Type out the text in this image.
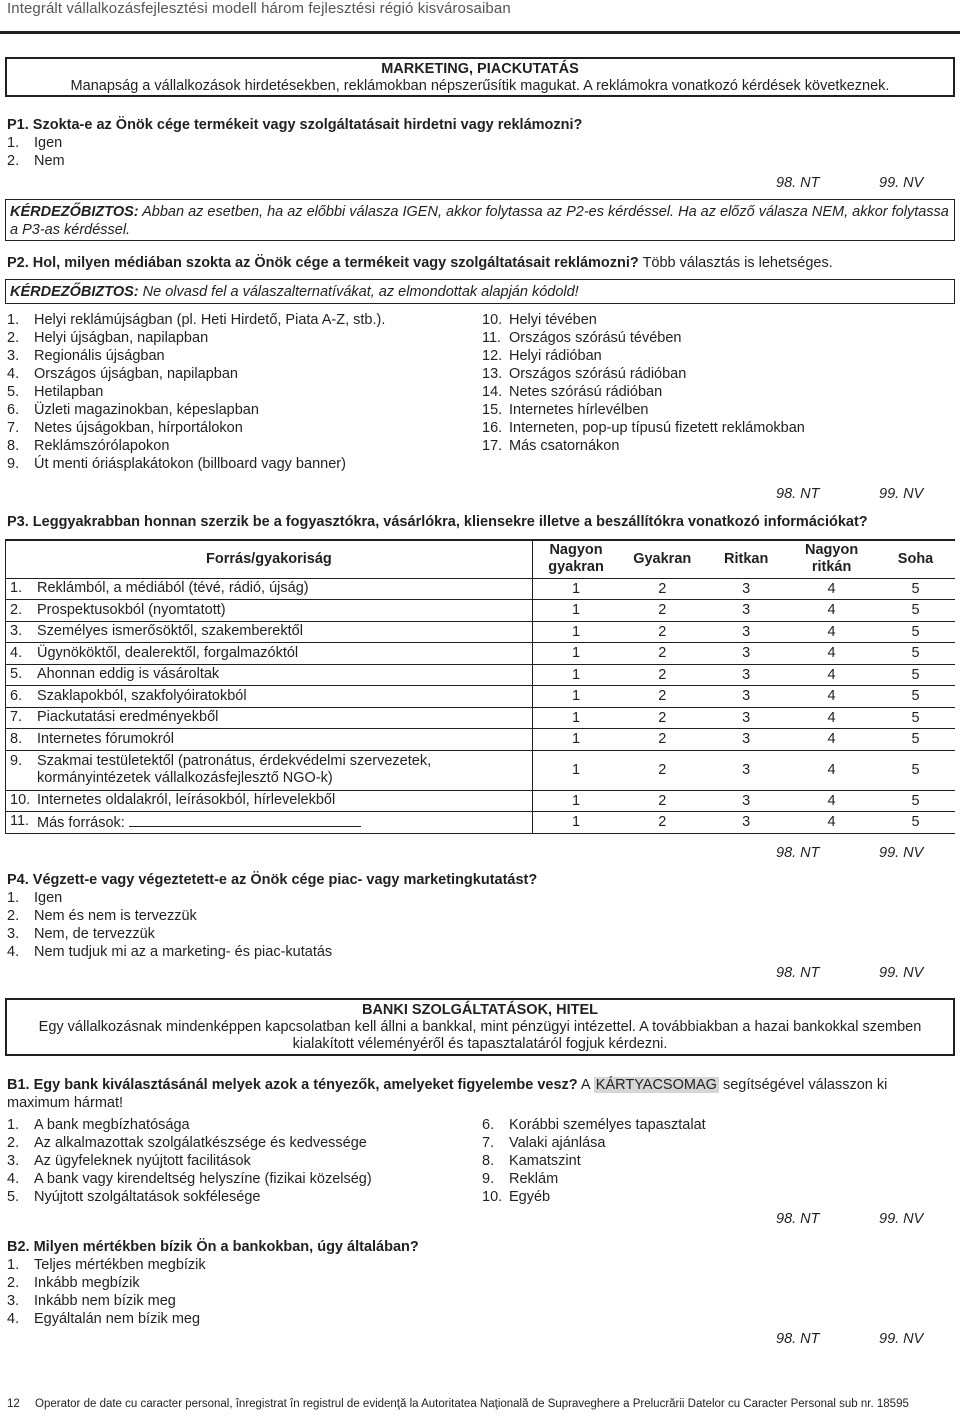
Integrált vállalkozásfejlesztési modell három fejlesztési régió kisvárosaiban
MARKETING, PIACKUTATÁS
Manapság a vállalkozások hirdetésekben, reklámokban népszerűsítik magukat. A reklámokra vonatkozó kérdések következnek.
P1. Szokta-e az Önök cége termékeit vagy szolgáltatásait hirdetni vagy reklámozni?
1. Igen
2. Nem
98. NT	99. NV
KÉRDEZŐBIZTOS: Abban az esetben, ha az előbbi válasza IGEN, akkor folytassa az P2-es kérdéssel. Ha az előző válasza NEM, akkor folytassa a P3-as kérdéssel.
P2. Hol, milyen médiában szokta az Önök cége a termékeit vagy szolgáltatásait reklámozni? Több választás is lehetséges.
KÉRDEZŐBIZTOS: Ne olvasd fel a válaszalternatívákat, az elmondottak alapján kódold!
1. Helyi reklámújságban (pl. Heti Hirdető, Piata A-Z, stb.).
2. Helyi újságban, napilapban
3. Regionális újságban
4. Országos újságban, napilapban
5. Hetilapban
6. Üzleti magazinokban, képeslapban
7. Netes újságokban, hírportálokon
8. Reklámszórólapokon
9. Út menti óriásplakátokon (billboard vagy banner)
10. Helyi tévében
11. Országos szórású tévében
12. Helyi rádióban
13. Országos szórású rádióban
14. Netes szórású rádióban
15. Internetes hírlevélben
16. Interneten, pop-up típusú fizetett reklámokban
17. Más csatornákon
98. NT	99. NV
P3. Leggyakrabban honnan szerzik be a fogyasztókra, vásárlókra, kliensekre illetve a beszállítókra vonatkozó információkat?
Forrás/gyakoriság	Nagyon gyakran	Gyakran	Ritkan	Nagyon ritkán	Soha
1. Reklámból, a médiából (tévé, rádió, újság)	1	2	3	4	5
2. Prospektusokból (nyomtatott)	1	2	3	4	5
3. Személyes ismerősöktől, szakemberektől	1	2	3	4	5
4. Ügynököktől, dealerektől, forgalmazóktól	1	2	3	4	5
5. Ahonnan eddig is vásároltak	1	2	3	4	5
6. Szaklapokból, szakfolyóiratokból	1	2	3	4	5
7. Piackutatási eredményekből	1	2	3	4	5
8. Internetes fórumokról	1	2	3	4	5
9. Szakmai testületektől (patronátus, érdekvédelmi szervezetek, kormányintézetek vállalkozásfejlesztő NGO-k)	1	2	3	4	5
10. Internetes oldalakról, leírásokból, hírlevelekből	1	2	3	4	5
11. Más források:	1	2	3	4	5
98. NT	99. NV
P4. Végzett-e vagy végeztetett-e az Önök cége piac- vagy marketingkutatást?
1. Igen
2. Nem és nem is tervezzük
3. Nem, de tervezzük
4. Nem tudjuk mi az a marketing- és piac-kutatás
98. NT	99. NV
BANKI SZOLGÁLTATÁSOK, HITEL
Egy vállalkozásnak mindenképpen kapcsolatban kell állni a bankkal, mint pénzügyi intézettel. A továbbiakban a hazai bankokkal szemben kialakított véleményéről és tapasztalatáról fogjuk kérdezni.
B1. Egy bank kiválasztásánál melyek azok a tényezők, amelyeket figyelembe vesz? A KÁRTYACSOMAG segítségével válasszon ki maximum hármat!
1. A bank megbízhatósága
2. Az alkalmazottak szolgálatkészsége és kedvessége
3. Az ügyfeleknek nyújtott facilitások
4. A bank vagy kirendeltség helyszíne (fizikai közelség)
5. Nyújtott szolgáltatások sokfélesége
6. Korábbi személyes tapasztalat
7. Valaki ajánlása
8. Kamatszint
9. Reklám
10. Egyéb
98. NT	99. NV
B2. Milyen mértékben bízik Ön a bankokban, úgy általában?
1. Teljes mértékben megbízik
2. Inkább megbízik
3. Inkább nem bízik meg
4. Egyáltalán nem bízik meg
98. NT	99. NV
12 Operator de date cu caracter personal, înregistrat în registrul de evidenţă la Autoritatea Naţională de Supraveghere a Prelucrării Datelor cu Caracter Personal sub nr. 18595
